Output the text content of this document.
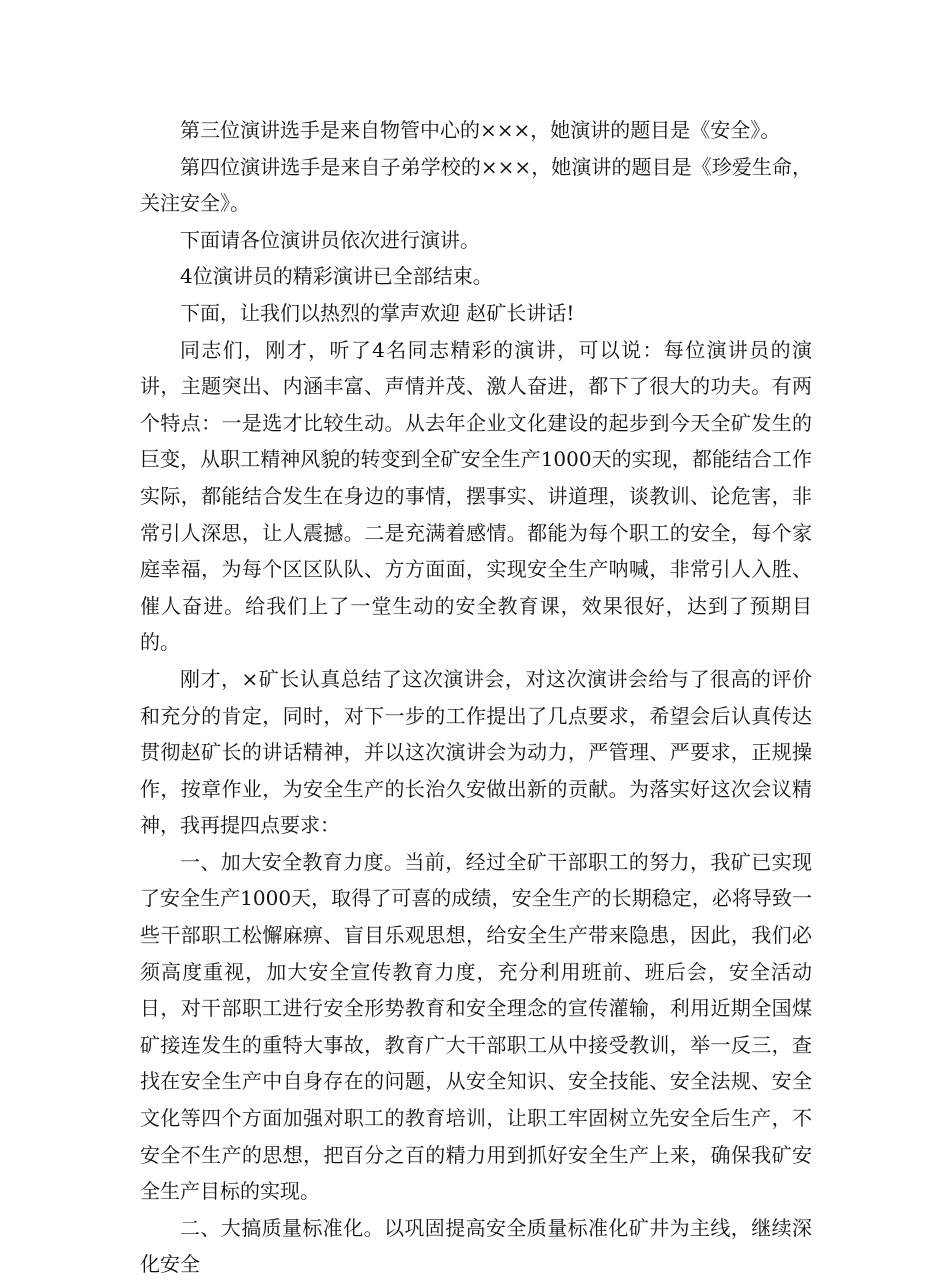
第三位演讲选手是来自物管中心的×××，她演讲的题目是《安全》。

第四位演讲选手是来自子弟学校的×××，她演讲的题目是《珍爱生命，关注安全》。

下面请各位演讲员依次进行演讲。

4位演讲员的精彩演讲已全部结束。

下面，让我们以热烈的掌声欢迎 赵矿长讲话!

同志们，刚才，听了4名同志精彩的演讲，可以说：每位演讲员的演讲，主题突出、内涵丰富、声情并茂、激人奋进，都下了很大的功夫。有两个特点：一是选才比较生动。从去年企业文化建设的起步到今天全矿发生的巨变，从职工精神风貌的转变到全矿安全生产1000天的实现，都能结合工作实际，都能结合发生在身边的事情，摆事实、讲道理，谈教训、论危害，非常引人深思，让人震撼。二是充满着感情。都能为每个职工的安全，每个家庭幸福，为每个区区队队、方方面面，实现安全生产呐喊，非常引人入胜、催人奋进。给我们上了一堂生动的安全教育课，效果很好，达到了预期目的。

刚才，×矿长认真总结了这次演讲会，对这次演讲会给与了很高的评价和充分的肯定，同时，对下一步的工作提出了几点要求，希望会后认真传达贯彻赵矿长的讲话精神，并以这次演讲会为动力，严管理、严要求，正规操作，按章作业，为安全生产的长治久安做出新的贡献。为落实好这次会议精神，我再提四点要求：

一、加大安全教育力度。当前，经过全矿干部职工的努力，我矿已实现了安全生产1000天，取得了可喜的成绩，安全生产的长期稳定，必将导致一些干部职工松懈麻痹、盲目乐观思想，给安全生产带来隐患，因此，我们必须高度重视，加大安全宣传教育力度，充分利用班前、班后会，安全活动日，对干部职工进行安全形势教育和安全理念的宣传灌输，利用近期全国煤矿接连发生的重特大事故，教育广大干部职工从中接受教训，举一反三，查找在安全生产中自身存在的问题，从安全知识、安全技能、安全法规、安全文化等四个方面加强对职工的教育培训，让职工牢固树立先安全后生产，不安全不生产的思想，把百分之百的精力用到抓好安全生产上来，确保我矿安全生产目标的实现。

二、大搞质量标准化。以巩固提高安全质量标准化矿井为主线，继续深化安全
